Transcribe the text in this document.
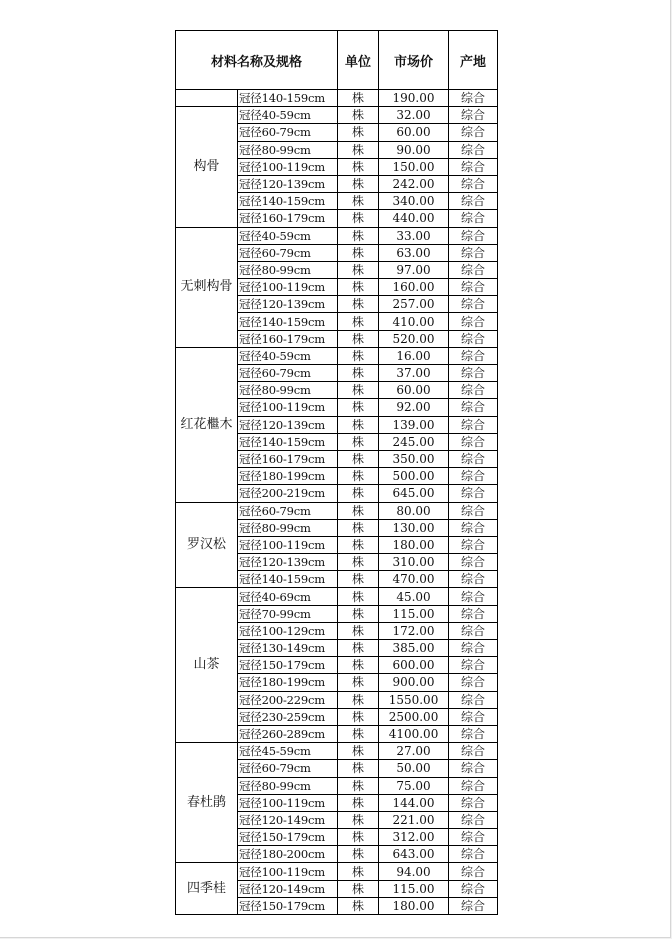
材料名称及规格		单位	市场价	产地
	冠径140-159cm	株	190.00	综合
构骨	冠径40-59cm	株	32.00	综合
	冠径60-79cm	株	60.00	综合
	冠径80-99cm	株	90.00	综合
	冠径100-119cm	株	150.00	综合
	冠径120-139cm	株	242.00	综合
	冠径140-159cm	株	340.00	综合
	冠径160-179cm	株	440.00	综合
无刺构骨	冠径40-59cm	株	33.00	综合
	冠径60-79cm	株	63.00	综合
	冠径80-99cm	株	97.00	综合
	冠径100-119cm	株	160.00	综合
	冠径120-139cm	株	257.00	综合
	冠径140-159cm	株	410.00	综合
	冠径160-179cm	株	520.00	综合
红花檵木	冠径40-59cm	株	16.00	综合
	冠径60-79cm	株	37.00	综合
	冠径80-99cm	株	60.00	综合
	冠径100-119cm	株	92.00	综合
	冠径120-139cm	株	139.00	综合
	冠径140-159cm	株	245.00	综合
	冠径160-179cm	株	350.00	综合
	冠径180-199cm	株	500.00	综合
	冠径200-219cm	株	645.00	综合
罗汉松	冠径60-79cm	株	80.00	综合
	冠径80-99cm	株	130.00	综合
	冠径100-119cm	株	180.00	综合
	冠径120-139cm	株	310.00	综合
	冠径140-159cm	株	470.00	综合
山茶	冠径40-69cm	株	45.00	综合
	冠径70-99cm	株	115.00	综合
	冠径100-129cm	株	172.00	综合
	冠径130-149cm	株	385.00	综合
	冠径150-179cm	株	600.00	综合
	冠径180-199cm	株	900.00	综合
	冠径200-229cm	株	1550.00	综合
	冠径230-259cm	株	2500.00	综合
	冠径260-289cm	株	4100.00	综合
春杜鹃	冠径45-59cm	株	27.00	综合
	冠径60-79cm	株	50.00	综合
	冠径80-99cm	株	75.00	综合
	冠径100-119cm	株	144.00	综合
	冠径120-149cm	株	221.00	综合
	冠径150-179cm	株	312.00	综合
	冠径180-200cm	株	643.00	综合
四季桂	冠径100-119cm	株	94.00	综合
	冠径120-149cm	株	115.00	综合
	冠径150-179cm	株	180.00	综合
